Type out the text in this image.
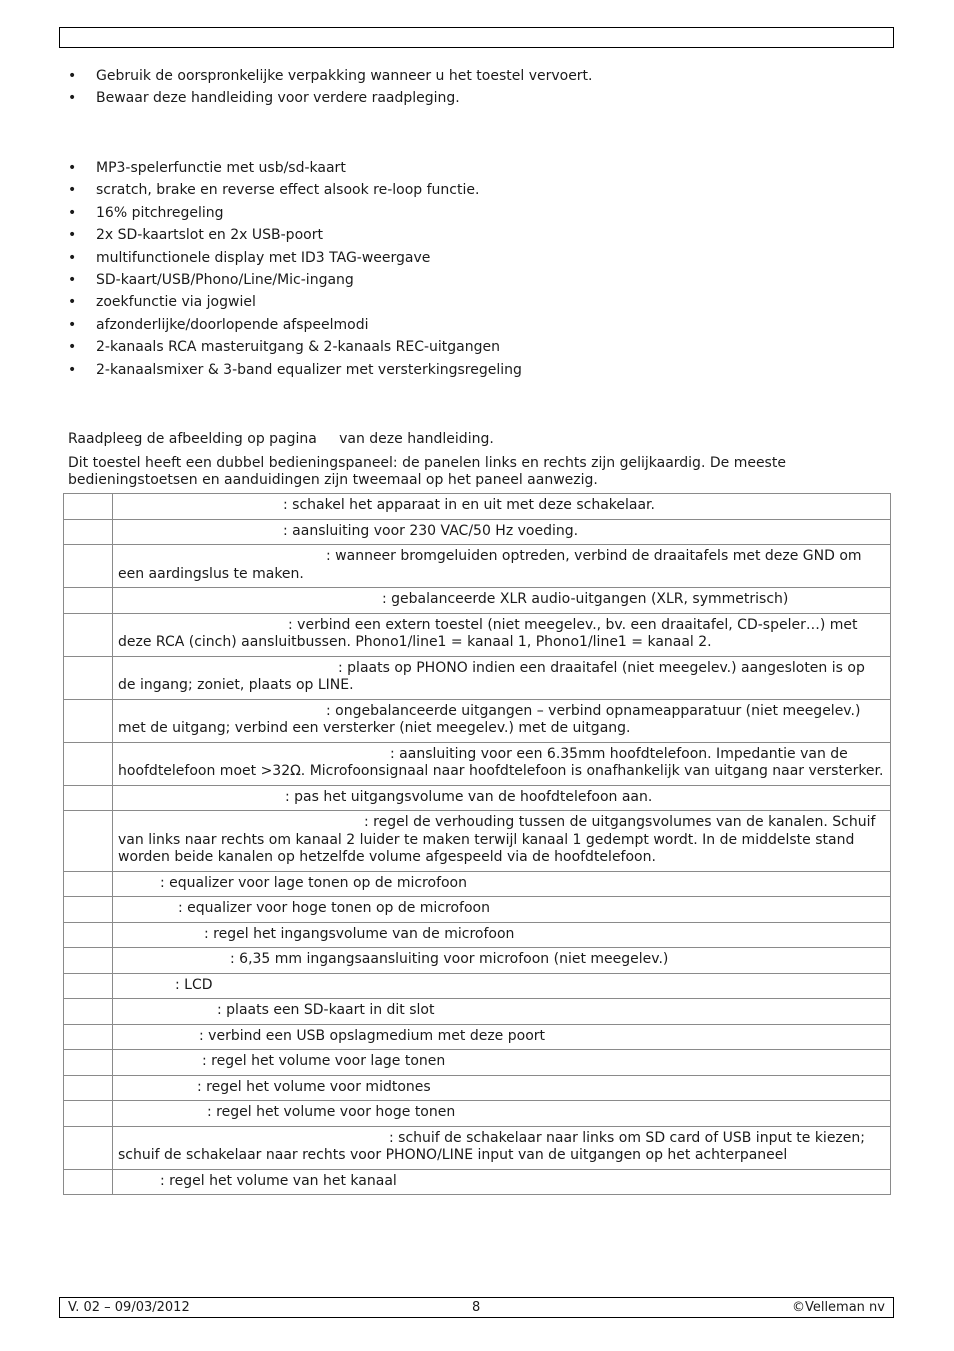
• Gebruik de oorspronkelijke verpakking wanneer u het toestel vervoert.
• Bewaar deze handleiding voor verdere raadpleging.
• MP3-spelerfunctie met usb/sd-kaart
• scratch, brake en reverse effect alsook re-loop functie.
• 16% pitchregeling
• 2x SD-kaartslot en 2x USB-poort
• multifunctionele display met ID3 TAG-weergave
• SD-kaart/USB/Phono/Line/Mic-ingang
• zoekfunctie via jogwiel
• afzonderlijke/doorlopende afspeelmodi
• 2-kanaals RCA masteruitgang & 2-kanaals REC-uitgangen
• 2-kanaalsmixer & 3-band equalizer met versterkingsregeling

Raadpleeg de afbeelding op pagina     van deze handleiding.

Dit toestel heeft een dubbel bedieningspaneel: de panelen links en rechts zijn gelijkaardig. De meeste bedieningstoetsen en aanduidingen zijn tweemaal op het paneel aanwezig.

	: schakel het apparaat in en uit met deze schakelaar.
	: aansluiting voor 230 VAC/50 Hz voeding.
	: wanneer bromgeluiden optreden, verbind de draaitafels met deze GND om een aardingslus te maken.
	: gebalanceerde XLR audio-uitgangen (XLR, symmetrisch)
	: verbind een extern toestel (niet meegelev., bv. een draaitafel, CD-speler…) met deze RCA (cinch) aansluitbussen. Phono1/line1 = kanaal 1, Phono1/line1 = kanaal 2.
	: plaats op PHONO indien een draaitafel (niet meegelev.) aangesloten is op de ingang; zoniet, plaats op LINE.
	: ongebalanceerde uitgangen – verbind opnameapparatuur (niet meegelev.) met de uitgang; verbind een versterker (niet meegelev.) met de uitgang.
	: aansluiting voor een 6.35mm hoofdtelefoon. Impedantie van de hoofdtelefoon moet >32Ω. Microfoonsignaal naar hoofdtelefoon is onafhankelijk van uitgang naar versterker.
	: pas het uitgangsvolume van de hoofdtelefoon aan.
	: regel de verhouding tussen de uitgangsvolumes van de kanalen. Schuif van links naar rechts om kanaal 2 luider te maken terwijl kanaal 1 gedempt wordt. In de middelste stand worden beide kanalen op hetzelfde volume afgespeeld via de hoofdtelefoon.
	: equalizer voor lage tonen op de microfoon
	: equalizer voor hoge tonen op de microfoon
	: regel het ingangsvolume van de microfoon
	: 6,35 mm ingangsaansluiting voor microfoon (niet meegelev.)
	: LCD
	: plaats een SD-kaart in dit slot
	: verbind een USB opslagmedium met deze poort
	: regel het volume voor lage tonen
	: regel het volume voor midtones
	: regel het volume voor hoge tonen
	: schuif de schakelaar naar links om SD card of USB input te kiezen; schuif de schakelaar naar rechts voor PHONO/LINE input van de uitgangen op het achterpaneel
	: regel het volume van het kanaal
V. 02 – 09/03/2012	8	©Velleman nv
